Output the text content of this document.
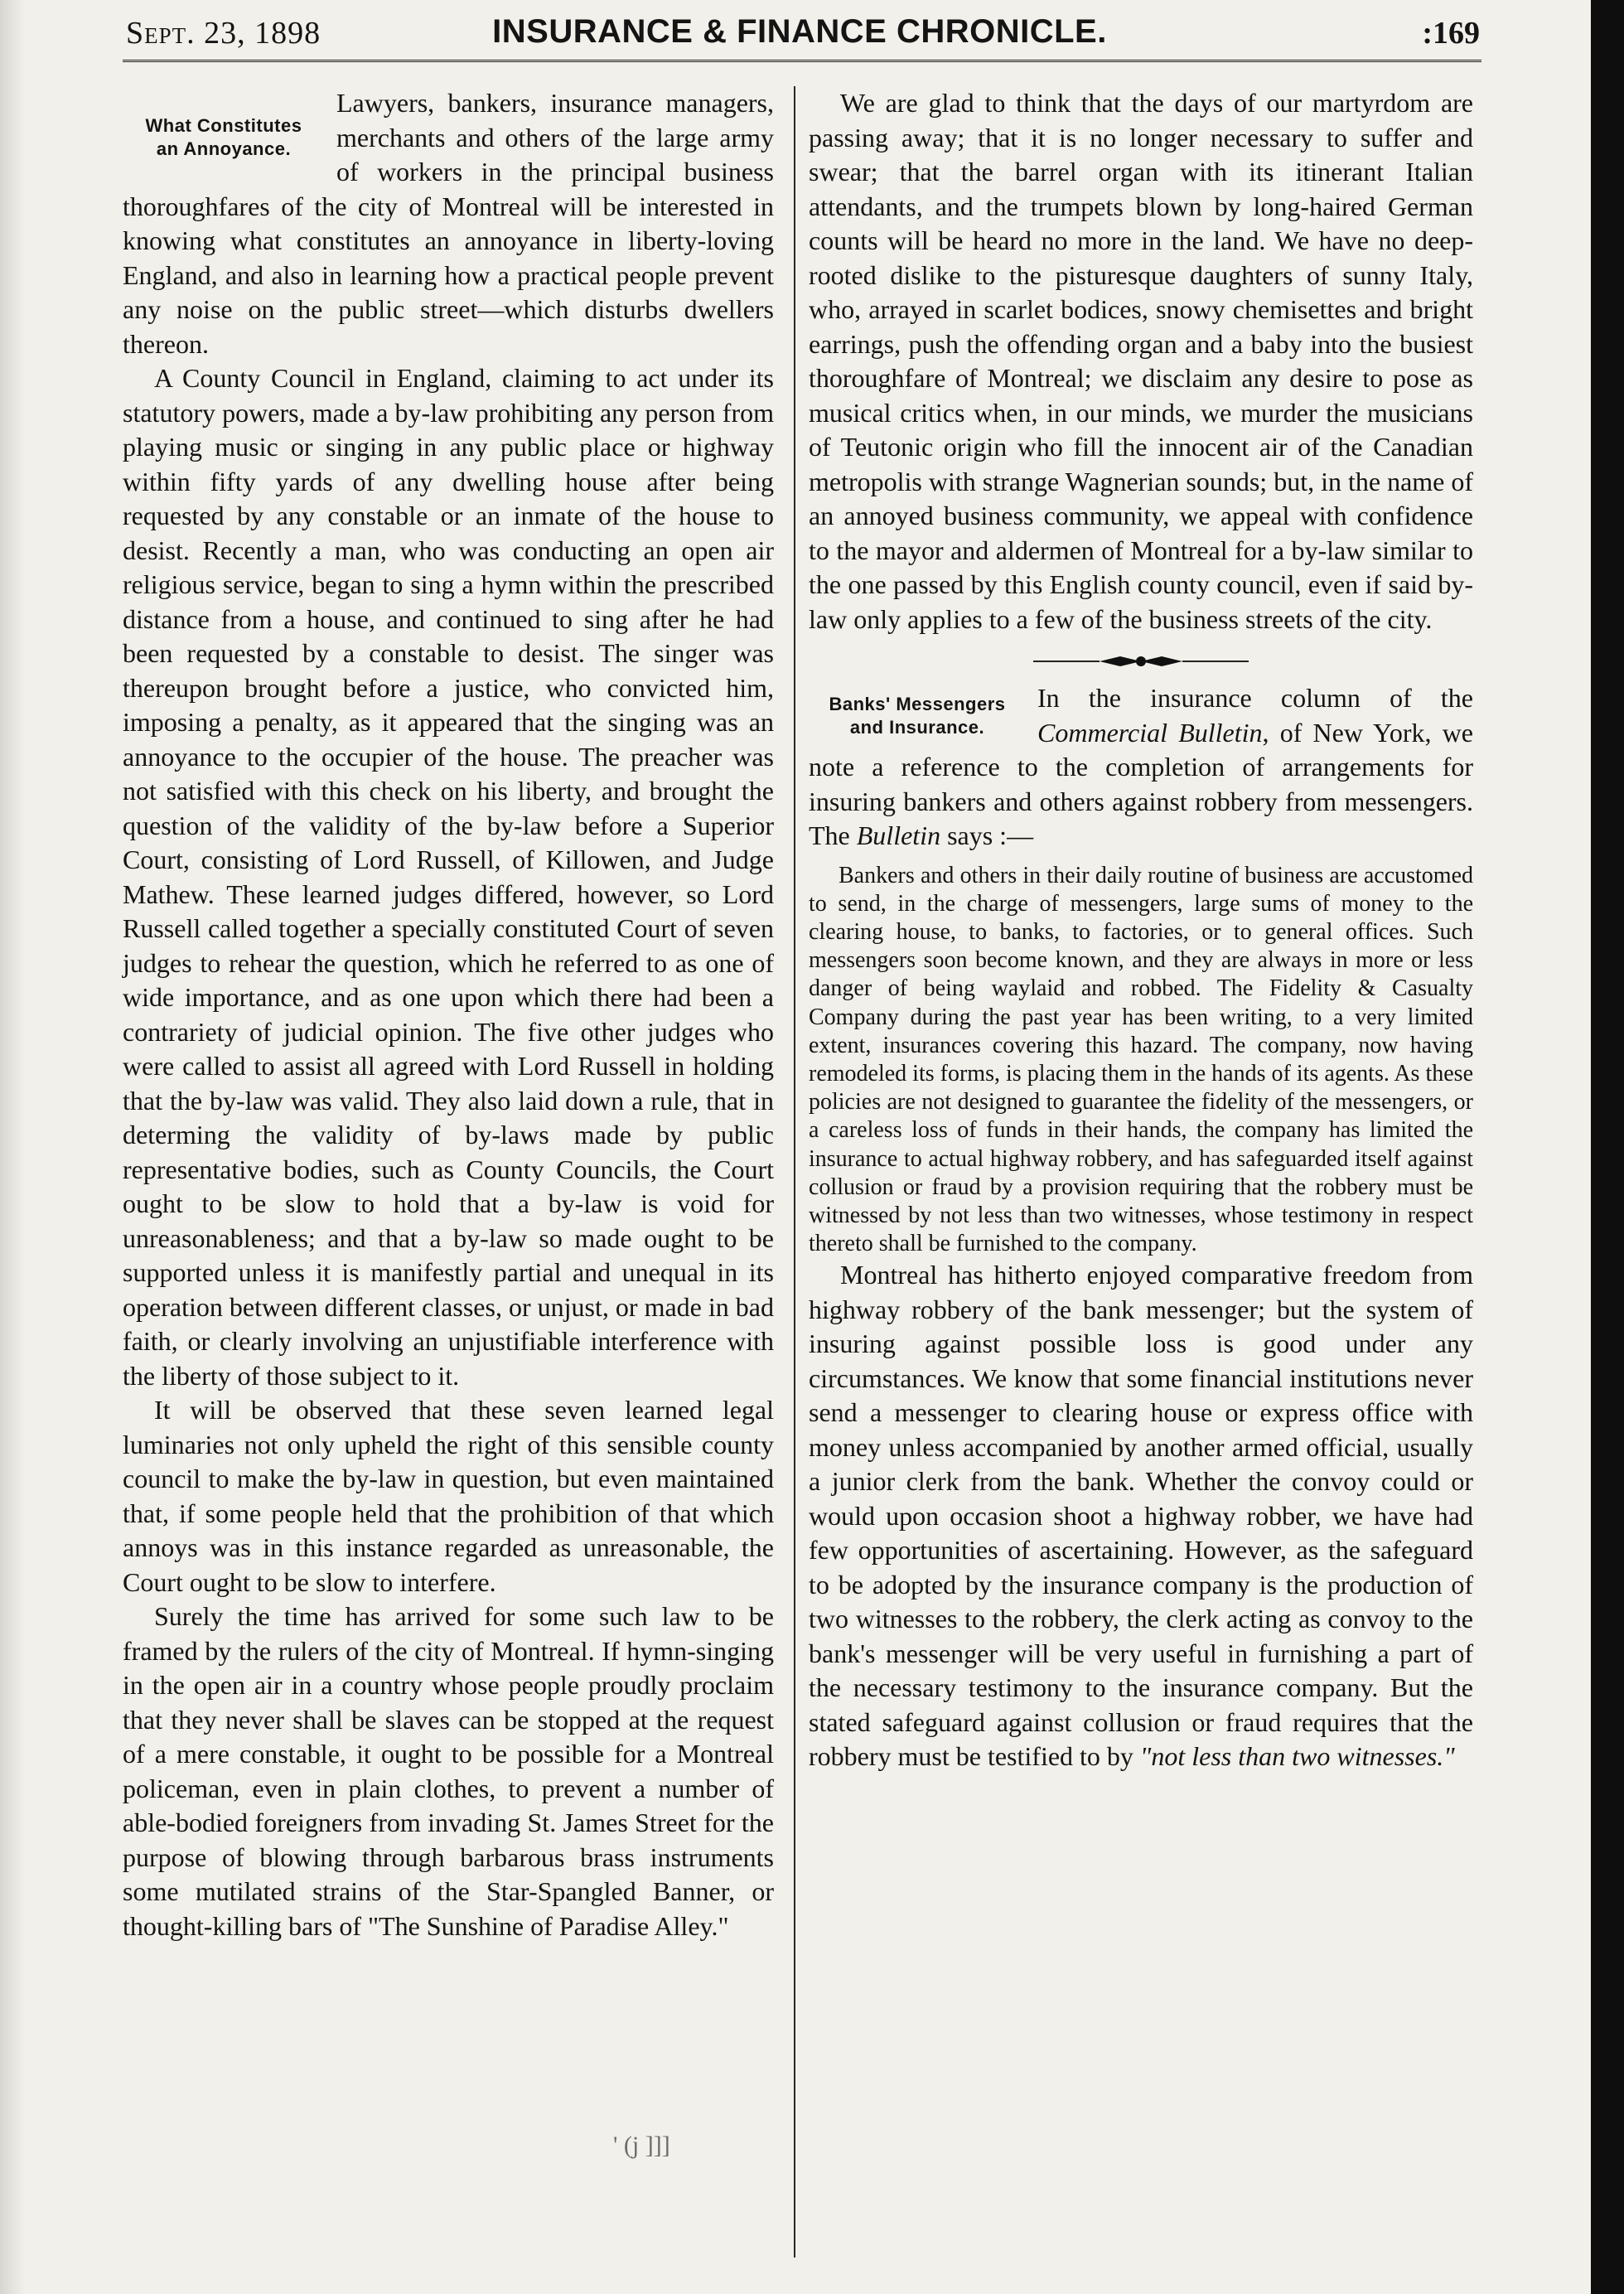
Sept. 23, 1898	INSURANCE & FINANCE CHRONICLE.	:169
What Constitutes
an Annoyance.

Lawyers, bankers, insurance managers, merchants and others of the large army of workers in the principal business thoroughfares of the city of Montreal will be interested in knowing what constitutes an annoyance in liberty-loving England, and also in learning how a practical people prevent any noise on the public street—which disturbs dwellers thereon.

A County Council in England, claiming to act under its statutory powers, made a by-law prohibiting any person from playing music or singing in any public place or highway within fifty yards of any dwelling house after being requested by any constable or an inmate of the house to desist. Recently a man, who was conducting an open air religious service, began to sing a hymn within the prescribed distance from a house, and continued to sing after he had been requested by a constable to desist. The singer was thereupon brought before a justice, who convicted him, imposing a penalty, as it appeared that the singing was an annoyance to the occupier of the house. The preacher was not satisfied with this check on his liberty, and brought the question of the validity of the by-law before a Superior Court, consisting of Lord Russell, of Killowen, and Judge Mathew. These learned judges differed, however, so Lord Russell called together a specially constituted Court of seven judges to rehear the question, which he referred to as one of wide importance, and as one upon which there had been a contrariety of judicial opinion. The five other judges who were called to assist all agreed with Lord Russell in holding that the by-law was valid. They also laid down a rule, that in determing the validity of by-laws made by public representative bodies, such as County Councils, the Court ought to be slow to hold that a by-law is void for unreasonableness; and that a by-law so made ought to be supported unless it is manifestly partial and unequal in its operation between different classes, or unjust, or made in bad faith, or clearly involving an unjustifiable interference with the liberty of those subject to it.

It will be observed that these seven learned legal luminaries not only upheld the right of this sensible county council to make the by-law in question, but even maintained that, if some people held that the prohibition of that which annoys was in this instance regarded as unreasonable, the Court ought to be slow to interfere.

Surely the time has arrived for some such law to be framed by the rulers of the city of Montreal. If hymn-singing in the open air in a country whose people proudly proclaim that they never shall be slaves can be stopped at the request of a mere constable, it ought to be possible for a Montreal policeman, even in plain clothes, to prevent a number of able-bodied foreigners from invading St. James Street for the purpose of blowing through barbarous brass instruments some mutilated strains of the Star-Spangled Banner, or thought-killing bars of "The Sunshine of Paradise Alley."

We are glad to think that the days of our martyrdom are passing away; that it is no longer necessary to suffer and swear; that the barrel organ with its itinerant Italian attendants, and the trumpets blown by long-haired German counts will be heard no more in the land. We have no deep-rooted dislike to the pisturesque daughters of sunny Italy, who, arrayed in scarlet bodices, snowy chemisettes and bright earrings, push the offending organ and a baby into the busiest thoroughfare of Montreal; we disclaim any desire to pose as musical critics when, in our minds, we murder the musicians of Teutonic origin who fill the innocent air of the Canadian metropolis with strange Wagnerian sounds; but, in the name of an annoyed business community, we appeal with confidence to the mayor and aldermen of Montreal for a by-law similar to the one passed by this English county council, even if said by-law only applies to a few of the business streets of the city.

Banks' Messengers
and Insurance.

In the insurance column of the Commercial Bulletin, of New York, we note a reference to the completion of arrangements for insuring bankers and others against robbery from messengers. The Bulletin says :—

Bankers and others in their daily routine of business are accustomed to send, in the charge of messengers, large sums of money to the clearing house, to banks, to factories, or to general offices. Such messengers soon become known, and they are always in more or less danger of being waylaid and robbed. The Fidelity & Casualty Company during the past year has been writing, to a very limited extent, insurances covering this hazard. The company, now having remodeled its forms, is placing them in the hands of its agents. As these policies are not designed to guarantee the fidelity of the messengers, or a careless loss of funds in their hands, the company has limited the insurance to actual highway robbery, and has safeguarded itself against collusion or fraud by a provision requiring that the robbery must be witnessed by not less than two witnesses, whose testimony in respect thereto shall be furnished to the company.

Montreal has hitherto enjoyed comparative freedom from highway robbery of the bank messenger; but the system of insuring against possible loss is good under any circumstances. We know that some financial institutions never send a messenger to clearing house or express office with money unless accompanied by another armed official, usually a junior clerk from the bank. Whether the convoy could or would upon occasion shoot a highway robber, we have had few opportunities of ascertaining. However, as the safeguard to be adopted by the insurance company is the production of two witnesses to the robbery, the clerk acting as convoy to the bank's messenger will be very useful in furnishing a part of the necessary testimony to the insurance company. But the stated safeguard against collusion or fraud requires that the robbery must be testified to by "not less than two witnesses."

' (j ]]]
